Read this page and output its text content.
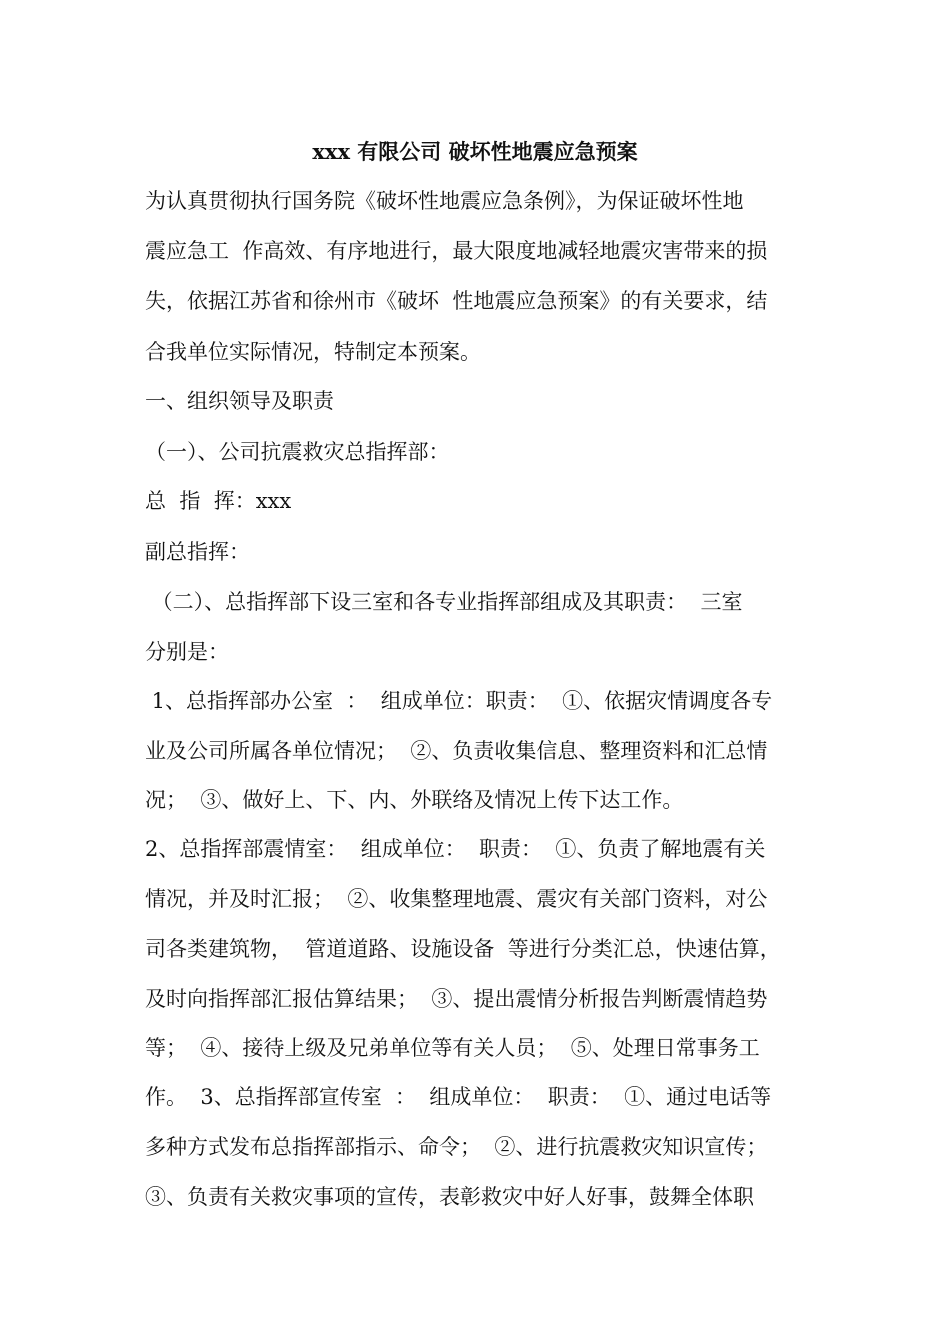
xxx 有限公司 破坏性地震应急预案
为认真贯彻执行国务院《破坏性地震应急条例》，为保证破坏性地
震应急工  作高效、有序地进行，最大限度地减轻地震灾害带来的损
失，依据江苏省和徐州市《破坏  性地震应急预案》的有关要求，结
合我单位实际情况，特制定本预案。
一、组织领导及职责
（一）、公司抗震救灾总指挥部：
总  指  挥：xxx
副总指挥：
（二）、总指挥部下设三室和各专业指挥部组成及其职责：  三室
分别是：
1、总指挥部办公室  ：  组成单位：职责：  ①、依据灾情调度各专
业及公司所属各单位情况；  ②、负责收集信息、整理资料和汇总情
况；  ③、做好上、下、内、外联络及情况上传下达工作。
2、总指挥部震情室：  组成单位：  职责：  ①、负责了解地震有关
情况，并及时汇报；  ②、收集整理地震、震灾有关部门资料，对公
司各类建筑物，  管道道路、设施设备  等进行分类汇总，快速估算，
及时向指挥部汇报估算结果；  ③、提出震情分析报告判断震情趋势
等；  ④、接待上级及兄弟单位等有关人员；  ⑤、处理日常事务工
作。  3、总指挥部宣传室  ：  组成单位：  职责：  ①、通过电话等
多种方式发布总指挥部指示、命令；  ②、进行抗震救灾知识宣传；
③、负责有关救灾事项的宣传，表彰救灾中好人好事，鼓舞全体职
